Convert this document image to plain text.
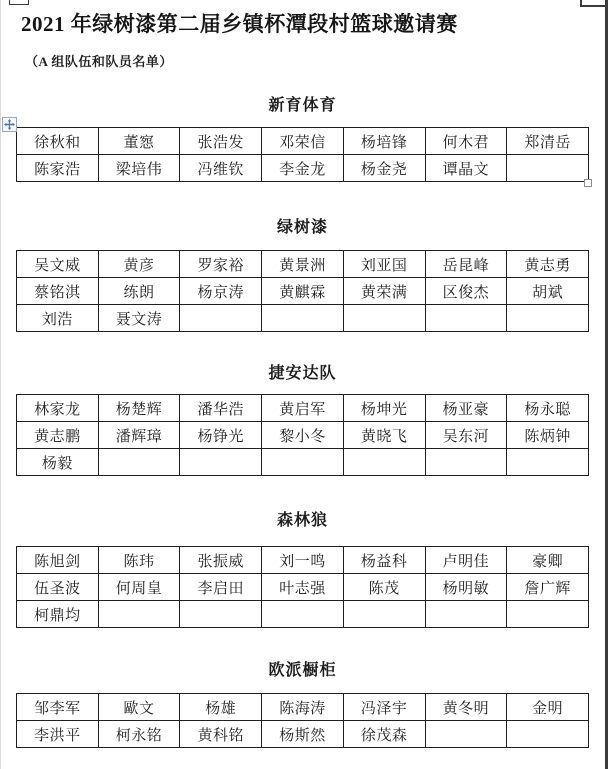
2021 年绿树漆第二届乡镇杯潭段村篮球邀请赛
（A 组队伍和队员名单）
新育体育
徐秋和	董惌	张浩发	邓荣信	杨培锋	何木君	郑清岳
陈家浩	梁培伟	冯维钦	李金龙	杨金尧	谭晶文	
绿树漆
吴文威	黄彦	罗家裕	黄景洲	刘亚国	岳昆峰	黄志勇
蔡铭淇	练朗	杨京涛	黄麒霖	黄荣满	区俊杰	胡斌
刘浩	聂文涛					
捷安达队
林家龙	杨楚辉	潘华浩	黄启军	杨坤光	杨亚豪	杨永聪
黄志鹏	潘辉璋	杨铮光	黎小冬	黄晓飞	吴东河	陈炳钟
杨毅						
森林狼
陈旭剑	陈玮	张振威	刘一鸣	杨益科	卢明佳	豪卿
伍圣波	何周皇	李启田	叶志强	陈茂	杨明敏	詹广辉
柯鼎均						
欧派橱柜
邹李军	歐文	杨雄	陈海涛	冯泽宇	黄冬明	金明
李洪平	柯永铭	黄科铭	杨斯然	徐茂森		
